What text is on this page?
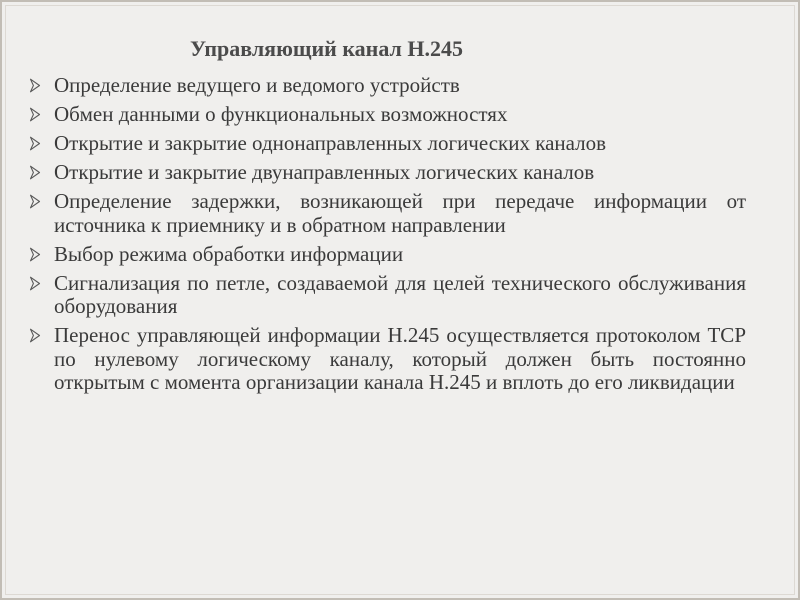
Управляющий канал Н.245
Определение ведущего и ведомого устройств
Обмен данными о функциональных возможностях
Открытие и закрытие однонаправленных логических каналов
Открытие и закрытие двунаправленных логических каналов
Определение задержки, возникающей при передаче информации от источника к приемнику и в обратном направлении
Выбор режима обработки информации
Сигнализация по петле, создаваемой для целей технического обслуживания оборудования
Перенос управляющей информации Н.245 осуществляется протоколом ТСР по нулевому логическому каналу, который должен быть постоянно открытым с момента организации канала Н.245 и вплоть до его ликвидации
